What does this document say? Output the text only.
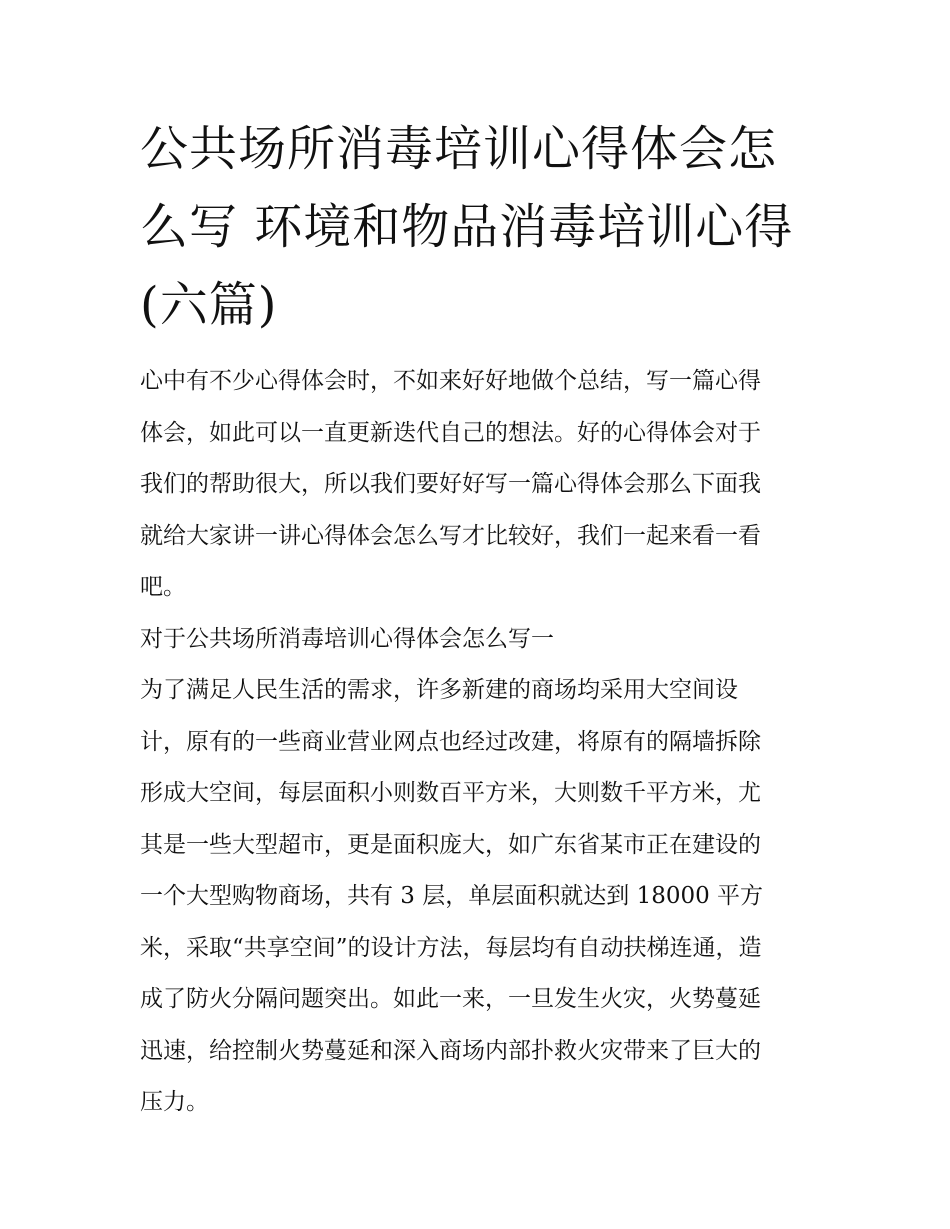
公共场所消毒培训心得体会怎
么写 环境和物品消毒培训心得
(六篇)

心中有不少心得体会时，不如来好好地做个总结，写一篇心得
体会，如此可以一直更新迭代自己的想法。好的心得体会对于
我们的帮助很大，所以我们要好好写一篇心得体会那么下面我
就给大家讲一讲心得体会怎么写才比较好，我们一起来看一看
吧。

对于公共场所消毒培训心得体会怎么写一

为了满足人民生活的需求，许多新建的商场均采用大空间设
计，原有的一些商业营业网点也经过改建，将原有的隔墙拆除
形成大空间，每层面积小则数百平方米，大则数千平方米，尤
其是一些大型超市，更是面积庞大，如广东省某市正在建设的
一个大型购物商场，共有 3 层，单层面积就达到 18000 平方
米，采取“共享空间”的设计方法，每层均有自动扶梯连通，造
成了防火分隔问题突出。如此一来，一旦发生火灾，火势蔓延
迅速，给控制火势蔓延和深入商场内部扑救火灾带来了巨大的
压力。
